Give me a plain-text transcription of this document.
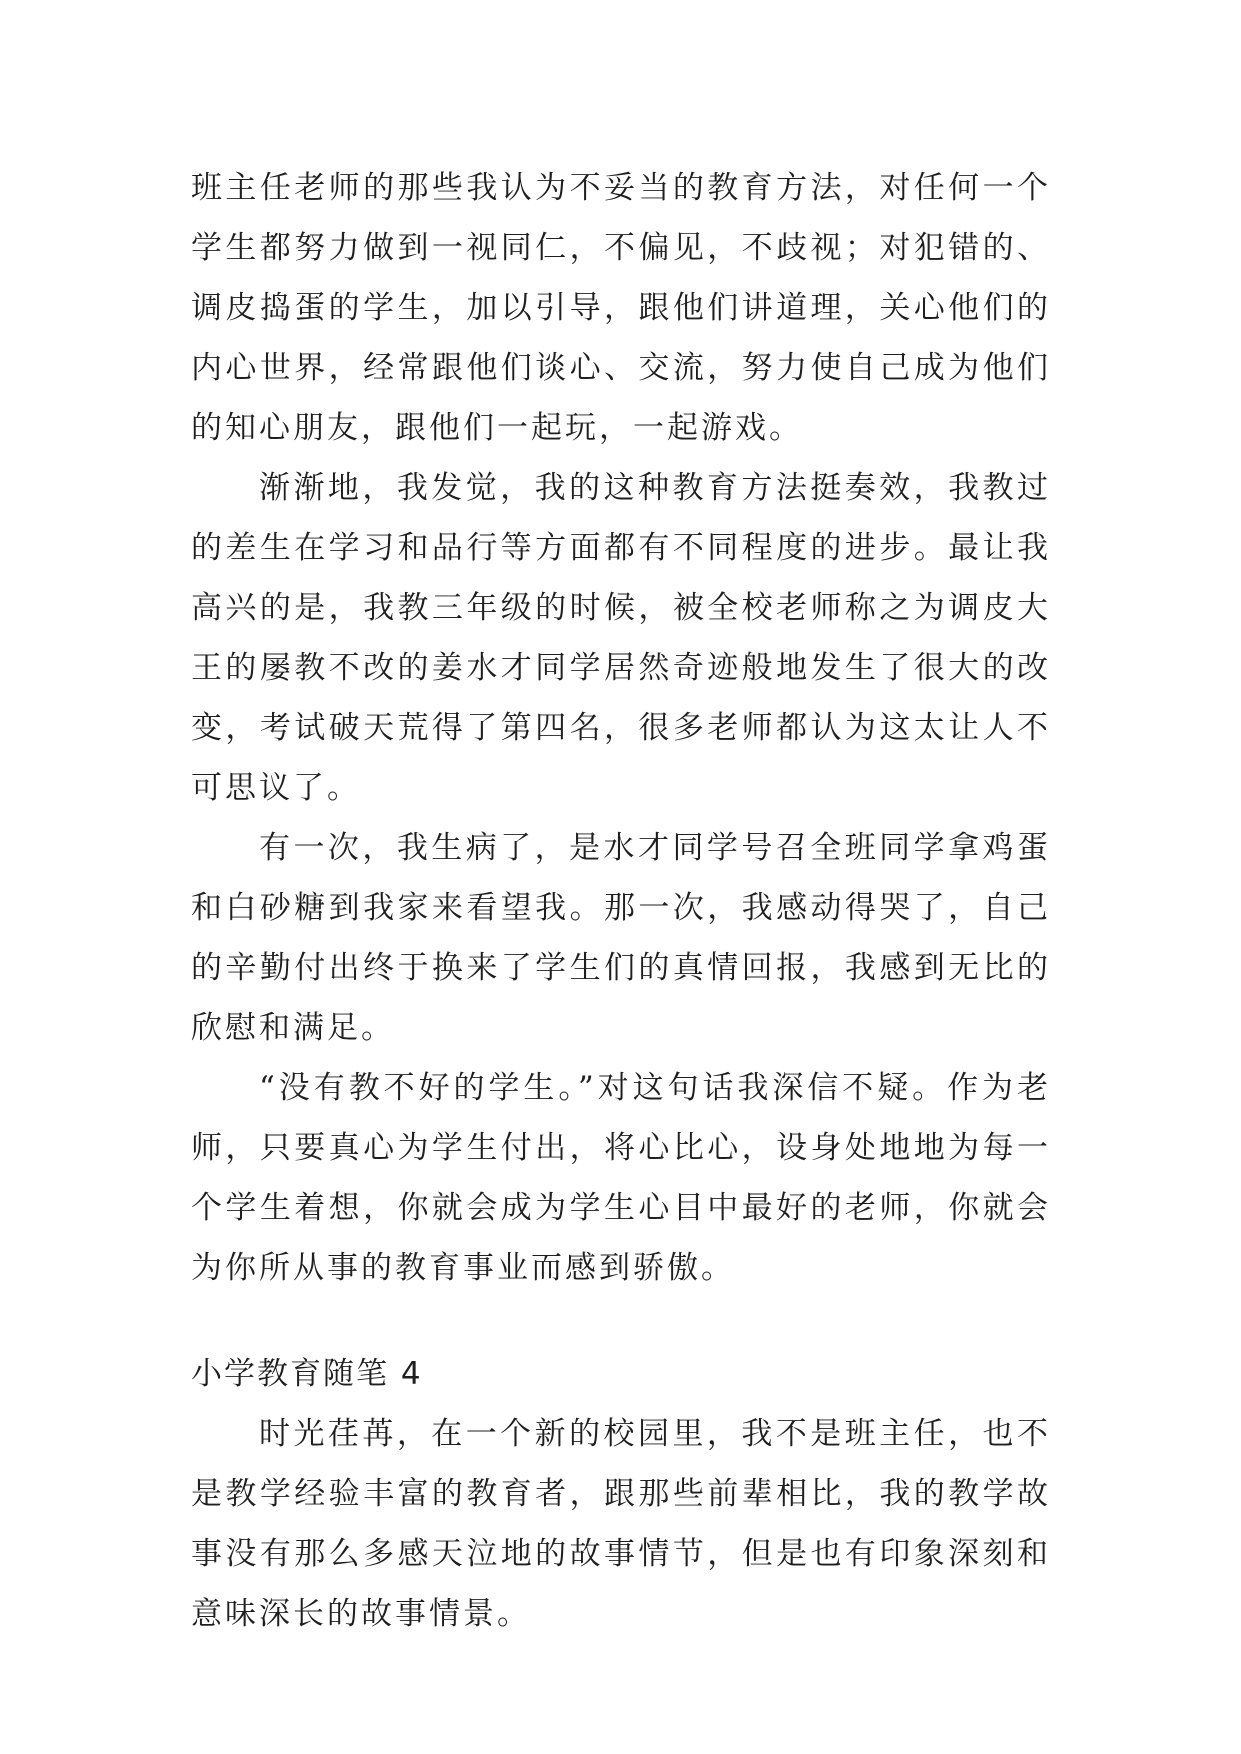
班主任老师的那些我认为不妥当的教育方法，对任何一个学生都努力做到一视同仁，不偏见，不歧视；对犯错的、调皮捣蛋的学生，加以引导，跟他们讲道理，关心他们的内心世界，经常跟他们谈心、交流，努力使自己成为他们的知心朋友，跟他们一起玩，一起游戏。

渐渐地，我发觉，我的这种教育方法挺奏效，我教过的差生在学习和品行等方面都有不同程度的进步。最让我高兴的是，我教三年级的时候，被全校老师称之为调皮大王的屡教不改的姜水才同学居然奇迹般地发生了很大的改变，考试破天荒得了第四名，很多老师都认为这太让人不可思议了。

有一次，我生病了，是水才同学号召全班同学拿鸡蛋和白砂糖到我家来看望我。那一次，我感动得哭了，自己的辛勤付出终于换来了学生们的真情回报，我感到无比的欣慰和满足。

“没有教不好的学生。”对这句话我深信不疑。作为老师，只要真心为学生付出，将心比心，设身处地地为每一个学生着想，你就会成为学生心目中最好的老师，你就会为你所从事的教育事业而感到骄傲。

小学教育随笔 4

时光荏苒，在一个新的校园里，我不是班主任，也不是教学经验丰富的教育者，跟那些前辈相比，我的教学故事没有那么多感天泣地的故事情节，但是也有印象深刻和意味深长的故事情景。
